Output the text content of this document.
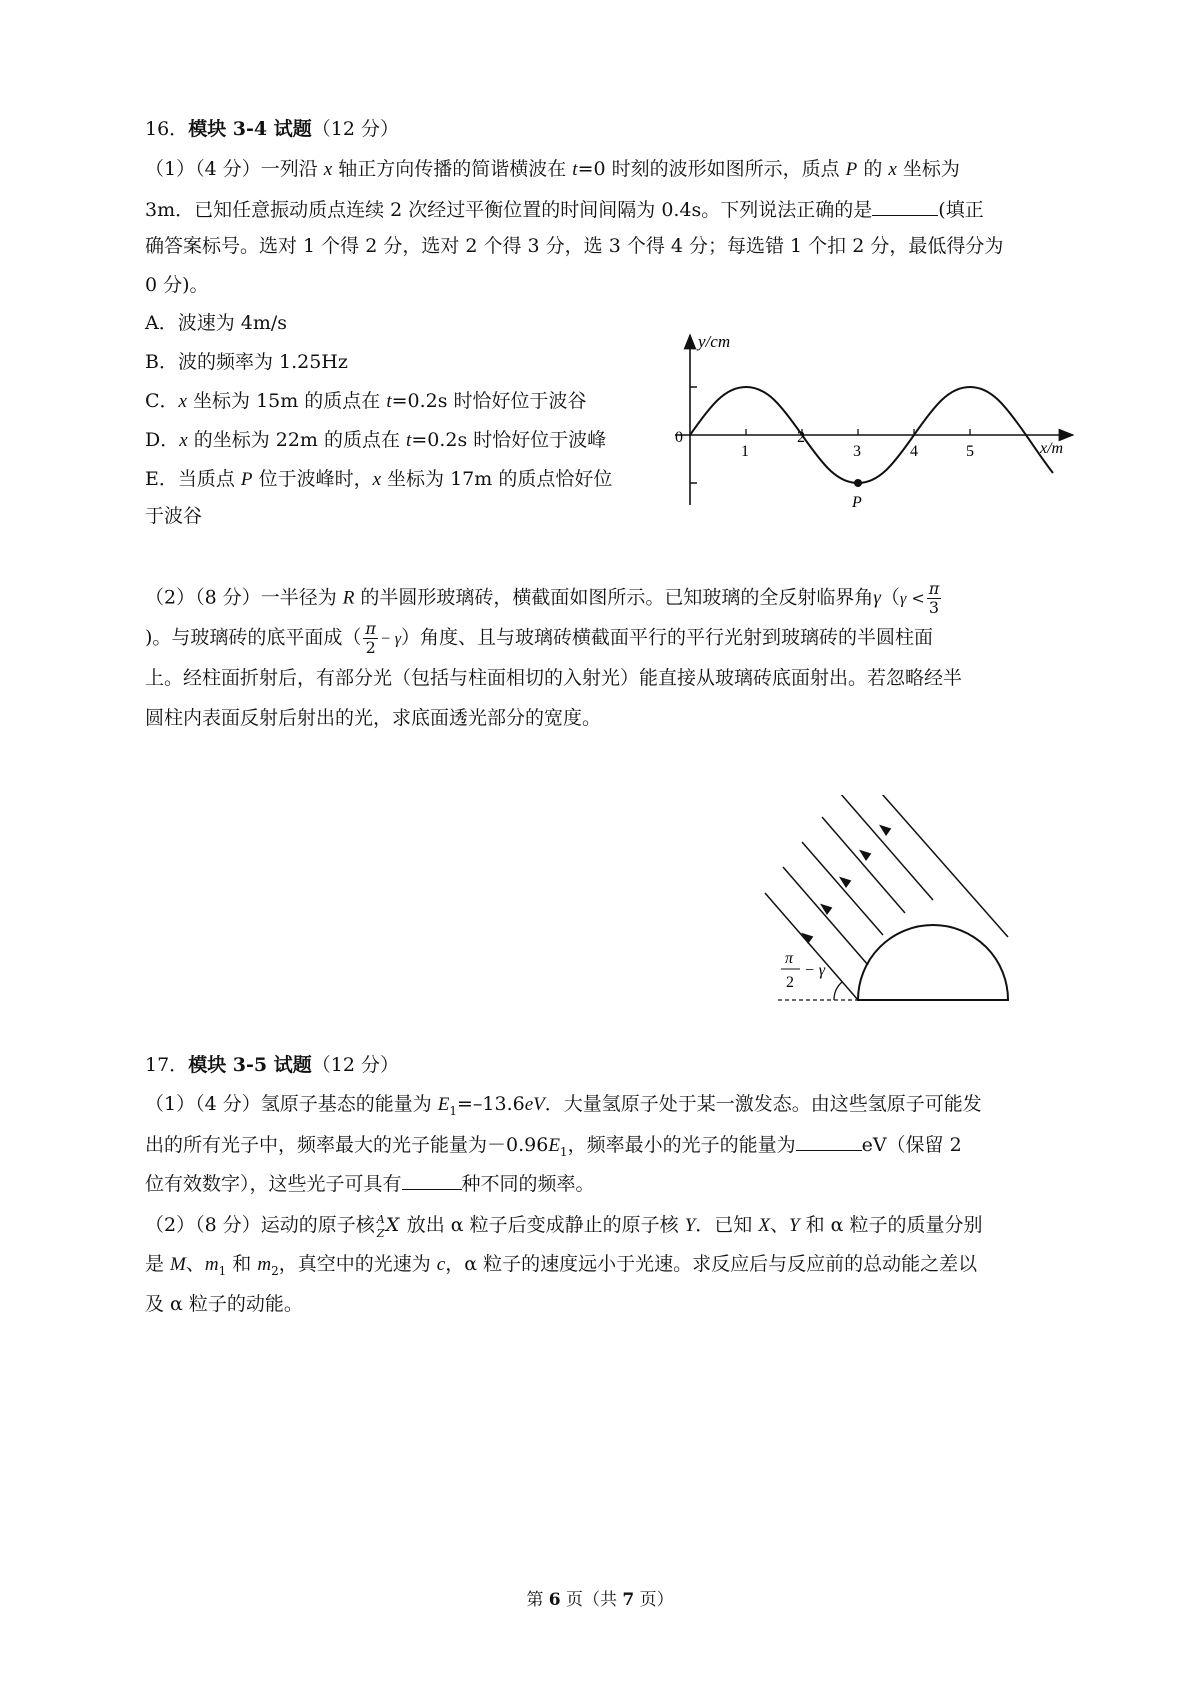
16．模块 3-4 试题（12 分）
（1）（4 分）一列沿 x 轴正方向传播的简谐横波在 t=0 时刻的波形如图所示，质点 P 的 x 坐标为
3m．已知任意振动质点连续 2 次经过平衡位置的时间间隔为 0.4s。下列说法正确的是	(填正
确答案标号。选对 1 个得 2 分，选对 2 个得 3 分，选 3 个得 4 分；每选错 1 个扣 2 分，最低得分为
0 分)。
A．波速为 4m/s
B．波的频率为 1.25Hz
C．x 坐标为 15m 的质点在 t=0.2s 时恰好位于波谷
D．x 的坐标为 22m 的质点在 t=0.2s 时恰好位于波峰
E．当质点 P 位于波峰时，x 坐标为 17m 的质点恰好位
于波谷
y/cm
0
1
2
3	4	5	x/m
P
（2）（8 分）一半径为 R 的半圆形玻璃砖，横截面如图所示。已知玻璃的全反射临界角$\gamma(\gamma < \frac{\pi}{3}$
)。与玻璃砖的底平面成（ $\frac{\pi}{2} - \gamma$）角度、且与玻璃砖横截面平行的平行光射到玻璃砖的半圆柱面
上。经柱面折射后，有部分光（包括与柱面相切的入射光）能直接从玻璃砖底面射出。若忽略经半
圆柱内表面反射后射出的光，求底面透光部分的宽度。
π
2
− γ
17．模块 3-5 试题（12 分）
（1）（4 分）氢原子基态的能量为 $E_1=-13.6eV$．大量氢原子处于某一激发态。由这些氢原子可能发
出的所有光子中，频率最大的光子能量为$-0.96E_1$，频率最小的光子的能量为	eV（保留 2
位有效数字），这些光子可具有	种不同的频率。
（2）（8 分）运动的原子核 A
Z X 放出 α 粒子后变成静止的原子核 Y．已知 X、Y 和 α 粒子的质量分别
是 M、$m_1$ 和 $m_2$，真空中的光速为 c，α 粒子的速度远小于光速。求反应后与反应前的总动能之差以
及 α 粒子的动能。
第 6 页（共 7 页）
